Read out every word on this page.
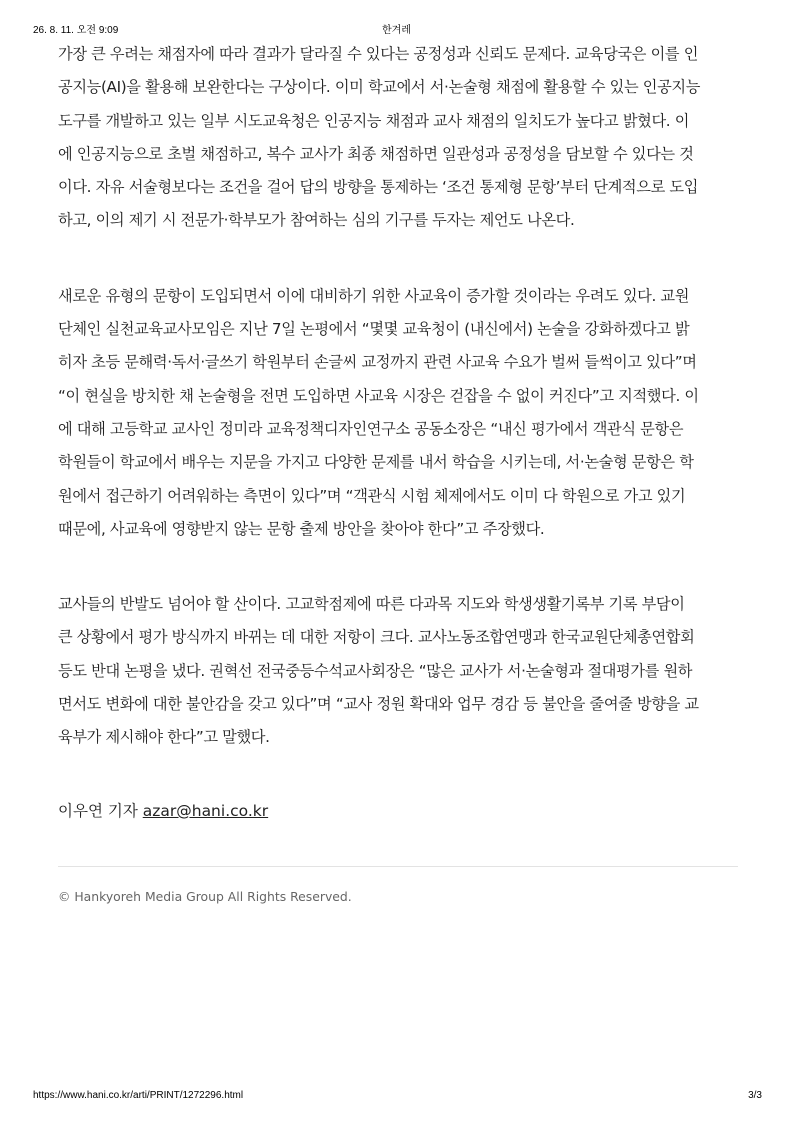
26. 8. 11. 오전 9:09	한겨레

가장 큰 우려는 채점자에 따라 결과가 달라질 수 있다는 공정성과 신뢰도 문제다. 교육당국은 이를 인
공지능(AI)을 활용해 보완한다는 구상이다. 이미 학교에서 서·논술형 채점에 활용할 수 있는 인공지능
도구를 개발하고 있는 일부 시도교육청은 인공지능 채점과 교사 채점의 일치도가 높다고 밝혔다. 이
에 인공지능으로 초벌 채점하고, 복수 교사가 최종 채점하면 일관성과 공정성을 담보할 수 있다는 것
이다. 자유 서술형보다는 조건을 걸어 답의 방향을 통제하는 ‘조건 통제형 문항’부터 단계적으로 도입
하고, 이의 제기 시 전문가·학부모가 참여하는 심의 기구를 두자는 제언도 나온다.

새로운 유형의 문항이 도입되면서 이에 대비하기 위한 사교육이 증가할 것이라는 우려도 있다. 교원
단체인 실천교육교사모임은 지난 7일 논평에서 “몇몇 교육청이 (내신에서) 논술을 강화하겠다고 밝
히자 초등 문해력·독서·글쓰기 학원부터 손글씨 교정까지 관련 사교육 수요가 벌써 들썩이고 있다”며
“이 현실을 방치한 채 논술형을 전면 도입하면 사교육 시장은 걷잡을 수 없이 커진다”고 지적했다. 이
에 대해 고등학교 교사인 정미라 교육정책디자인연구소 공동소장은 “내신 평가에서 객관식 문항은
학원들이 학교에서 배우는 지문을 가지고 다양한 문제를 내서 학습을 시키는데, 서·논술형 문항은 학
원에서 접근하기 어려워하는 측면이 있다”며 “객관식 시험 체제에서도 이미 다 학원으로 가고 있기
때문에, 사교육에 영향받지 않는 문항 출제 방안을 찾아야 한다”고 주장했다.

교사들의 반발도 넘어야 할 산이다. 고교학점제에 따른 다과목 지도와 학생생활기록부 기록 부담이
큰 상황에서 평가 방식까지 바뀌는 데 대한 저항이 크다. 교사노동조합연맹과 한국교원단체총연합회
등도 반대 논평을 냈다. 권혁선 전국중등수석교사회장은 “많은 교사가 서·논술형과 절대평가를 원하
면서도 변화에 대한 불안감을 갖고 있다”며 “교사 정원 확대와 업무 경감 등 불안을 줄여줄 방향을 교
육부가 제시해야 한다”고 말했다.

이우연 기자 azar@hani.co.kr
© Hankyoreh Media Group All Rights Reserved.
https://www.hani.co.kr/arti/PRINT/1272296.html	3/3
